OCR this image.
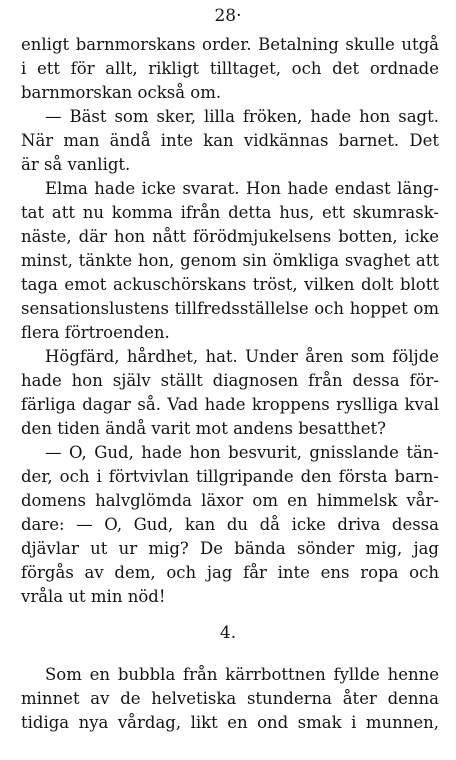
28·
enligt barnmorskans order. Betalning skulle utgå
i ett för allt, rikligt tilltaget, och det ordnade
barnmorskan också om.
— Bäst som sker, lilla fröken, hade hon sagt.
När man ändå inte kan vidkännas barnet. Det
är så vanligt.
Elma hade icke svarat. Hon hade endast läng-
tat att nu komma ifrån detta hus, ett skumrask-
näste, där hon nått förödmjukelsens botten, icke
minst, tänkte hon, genom sin ömkliga svaghet att
taga emot ackuschörskans tröst, vilken dolt blott
sensationslustens tillfredsställelse och hoppet om
flera förtroenden.
Högfärd, hårdhet, hat. Under åren som följde
hade hon själv ställt diagnosen från dessa för-
färliga dagar så. Vad hade kroppens ryslliga kval
den tiden ändå varit mot andens besatthet?
— O, Gud, hade hon besvurit, gnisslande tän-
der, och i förtvivlan tillgripande den första barn-
domens halvglömda läxor om en himmelsk vår-
dare: — O, Gud, kan du då icke driva dessa
djävlar ut ur mig? De bända sönder mig, jag
förgås av dem, och jag får inte ens ropa och
vråla ut min nöd!
4.
Som en bubbla från kärrbottnen fyllde henne
minnet av de helvetiska stunderna åter denna
tidiga nya vårdag, likt en ond smak i munnen,
